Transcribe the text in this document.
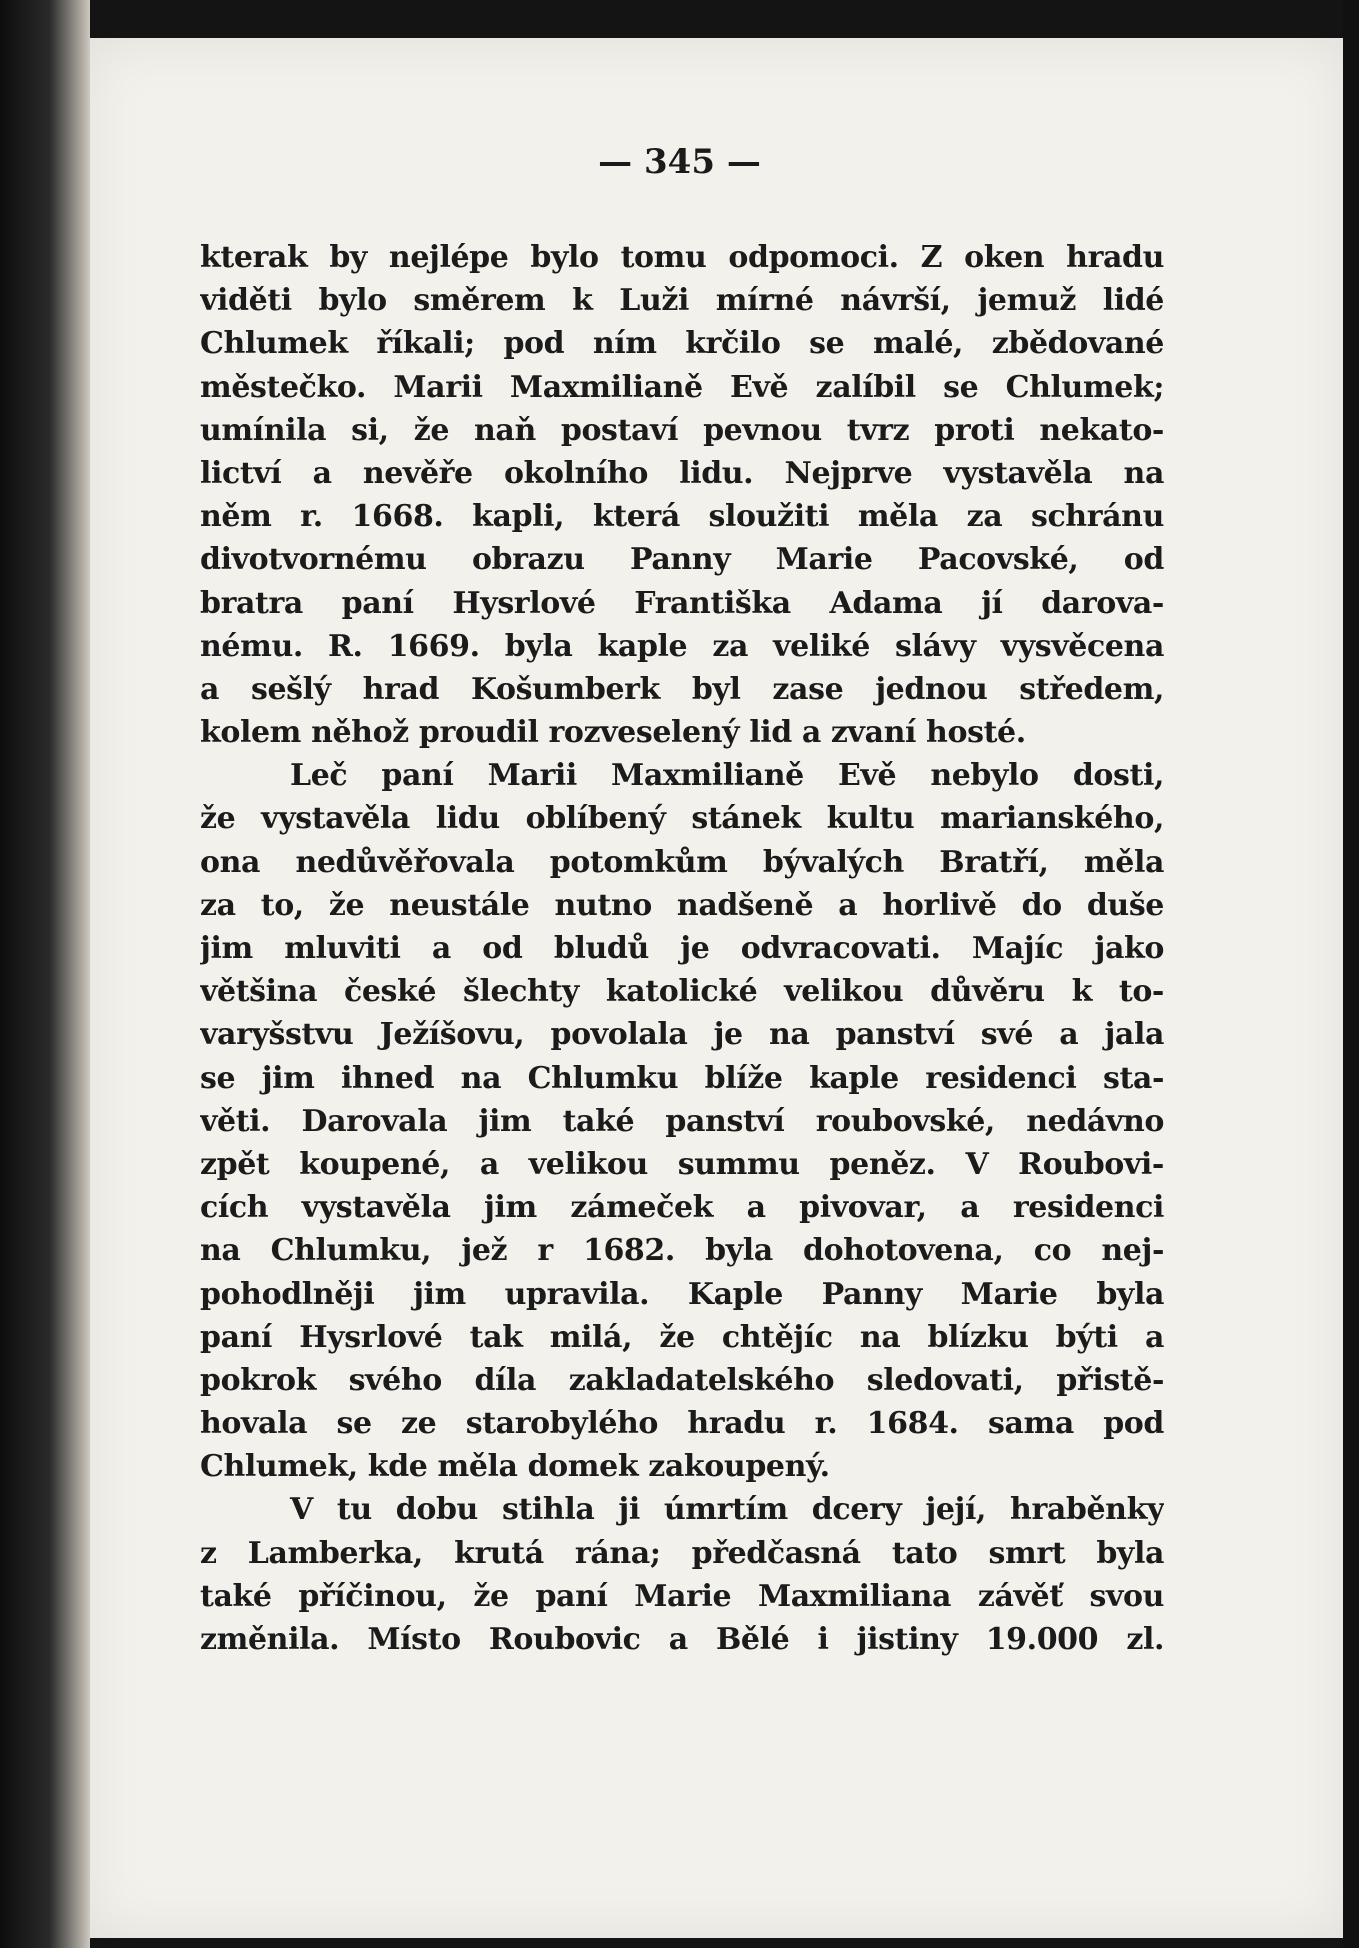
— 345 —
kterak by nejlépe bylo tomu odpomoci. Z oken hradu
viděti bylo směrem k Luži mírné návrší, jemuž lidé
Chlumek říkali; pod ním krčilo se malé, zbědované
městečko. Marii Maxmilianě Evě zalíbil se Chlumek;
umínila si, že naň postaví pevnou tvrz proti nekato-
lictví a nevěře okolního lidu. Nejprve vystavěla na
něm r. 1668. kapli, která sloužiti měla za schránu
divotvornému obrazu Panny Marie Pacovské, od
bratra paní Hysrlové Františka Adama jí darova-
nému. R. 1669. byla kaple za veliké slávy vysvěcena
a sešlý hrad Košumberk byl zase jednou středem,
kolem něhož proudil rozveselený lid a zvaní hosté.
Leč paní Marii Maxmilianě Evě nebylo dosti,
že vystavěla lidu oblíbený stánek kultu marianského,
ona nedůvěřovala potomkům bývalých Bratří, měla
za to, že neustále nutno nadšeně a horlivě do duše
jim mluviti a od bludů je odvracovati. Majíc jako
většina české šlechty katolické velikou důvěru k to-
varyšstvu Ježíšovu, povolala je na panství své a jala
se jim ihned na Chlumku blíže kaple residenci sta-
věti. Darovala jim také panství roubovské, nedávno
zpět koupené, a velikou summu peněz. V Roubovi-
cích vystavěla jim zámeček a pivovar, a residenci
na Chlumku, jež r 1682. byla dohotovena, co nej-
pohodlněji jim upravila. Kaple Panny Marie byla
paní Hysrlové tak milá, že chtějíc na blízku býti a
pokrok svého díla zakladatelského sledovati, přistě-
hovala se ze starobylého hradu r. 1684. sama pod
Chlumek, kde měla domek zakoupený.
V tu dobu stihla ji úmrtím dcery její, hraběnky
z Lamberka, krutá rána; předčasná tato smrt byla
také příčinou, že paní Marie Maxmiliana závěť svou
změnila. Místo Roubovic a Bělé i jistiny 19.000 zl.
